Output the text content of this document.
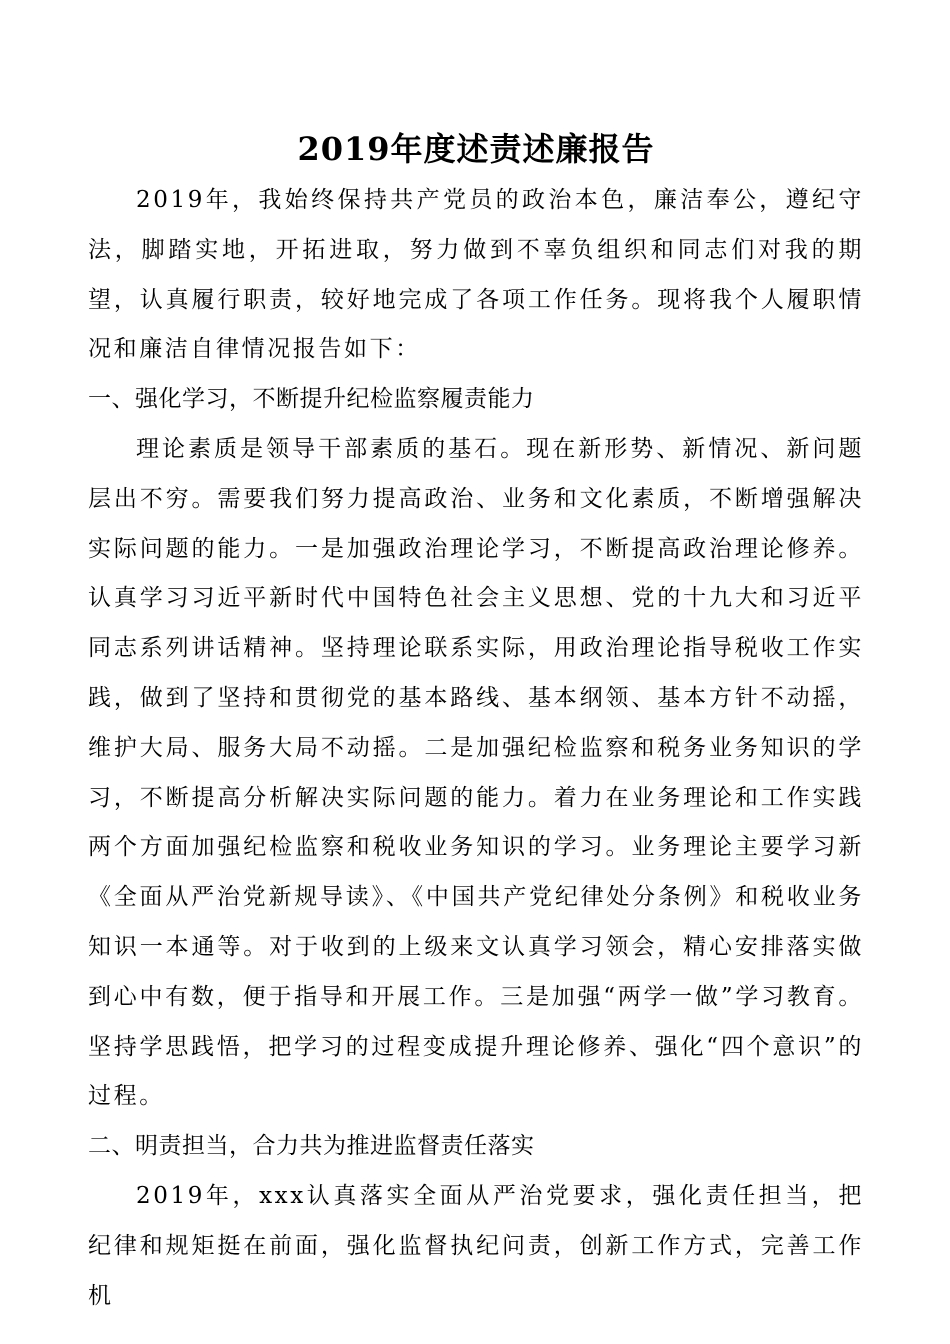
2019年度述责述廉报告

2019年，我始终保持共产党员的政治本色，廉洁奉公，遵纪守法，脚踏实地，开拓进取，努力做到不辜负组织和同志们对我的期望，认真履行职责，较好地完成了各项工作任务。现将我个人履职情况和廉洁自律情况报告如下：

一、强化学习，不断提升纪检监察履责能力

理论素质是领导干部素质的基石。现在新形势、新情况、新问题层出不穷。需要我们努力提高政治、业务和文化素质，不断增强解决实际问题的能力。一是加强政治理论学习，不断提高政治理论修养。认真学习习近平新时代中国特色社会主义思想、党的十九大和习近平同志系列讲话精神。坚持理论联系实际，用政治理论指导税收工作实践，做到了坚持和贯彻党的基本路线、基本纲领、基本方针不动摇，维护大局、服务大局不动摇。二是加强纪检监察和税务业务知识的学习，不断提高分析解决实际问题的能力。着力在业务理论和工作实践两个方面加强纪检监察和税收业务知识的学习。业务理论主要学习新《全面从严治党新规导读》、《中国共产党纪律处分条例》和税收业务知识一本通等。对于收到的上级来文认真学习领会，精心安排落实做到心中有数，便于指导和开展工作。三是加强“两学一做”学习教育。坚持学思践悟，把学习的过程变成提升理论修养、强化“四个意识”的过程。

二、明责担当，合力共为推进监督责任落实

2019年，xxx认真落实全面从严治党要求，强化责任担当，把纪律和规矩挺在前面，强化监督执纪问责，创新工作方式，完善工作机
